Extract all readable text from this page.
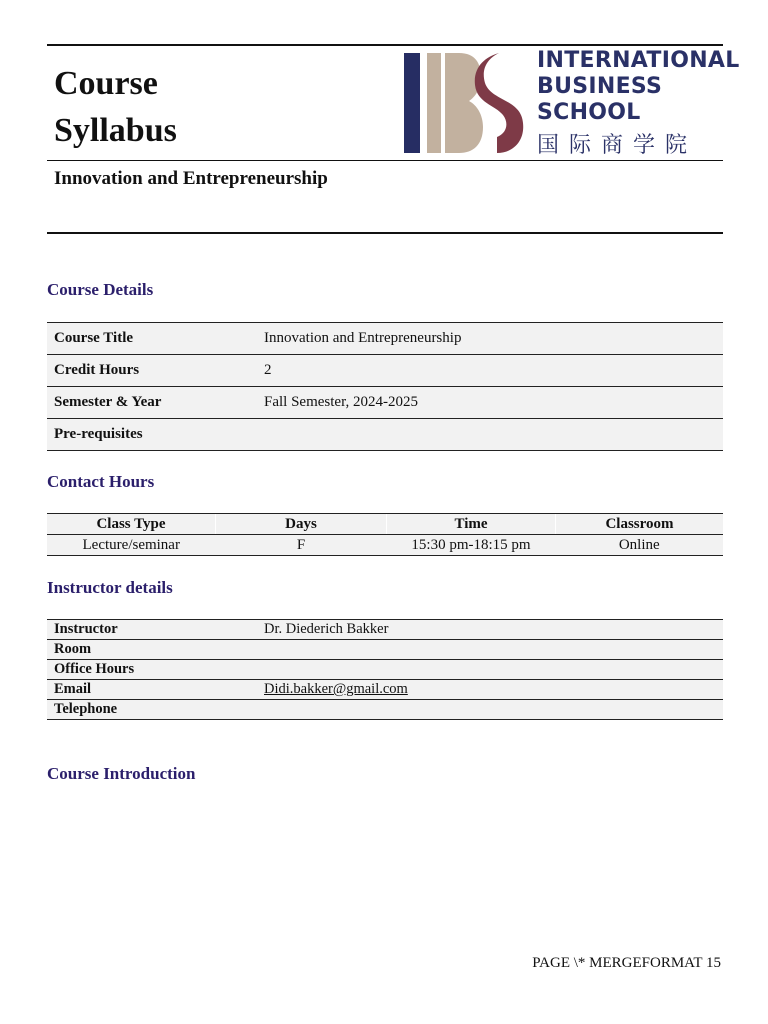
Course
Syllabus
Innovation and Entrepreneurship
INTERNATIONAL
BUSINESS
SCHOOL
国际商学院
Course Details
Course Title	Innovation and Entrepreneurship
Credit Hours	2
Semester & Year	Fall Semester, 2024-2025
Pre-requisites	
Contact Hours
Class Type	Days	Time	Classroom
Lecture/seminar	F	15:30 pm-18:15 pm	Online
Instructor details
Instructor	Dr. Diederich Bakker
Room	
Office Hours	
Email	Didi.bakker@gmail.com
Telephone	
Course Introduction
PAGE \* MERGEFORMAT 15
